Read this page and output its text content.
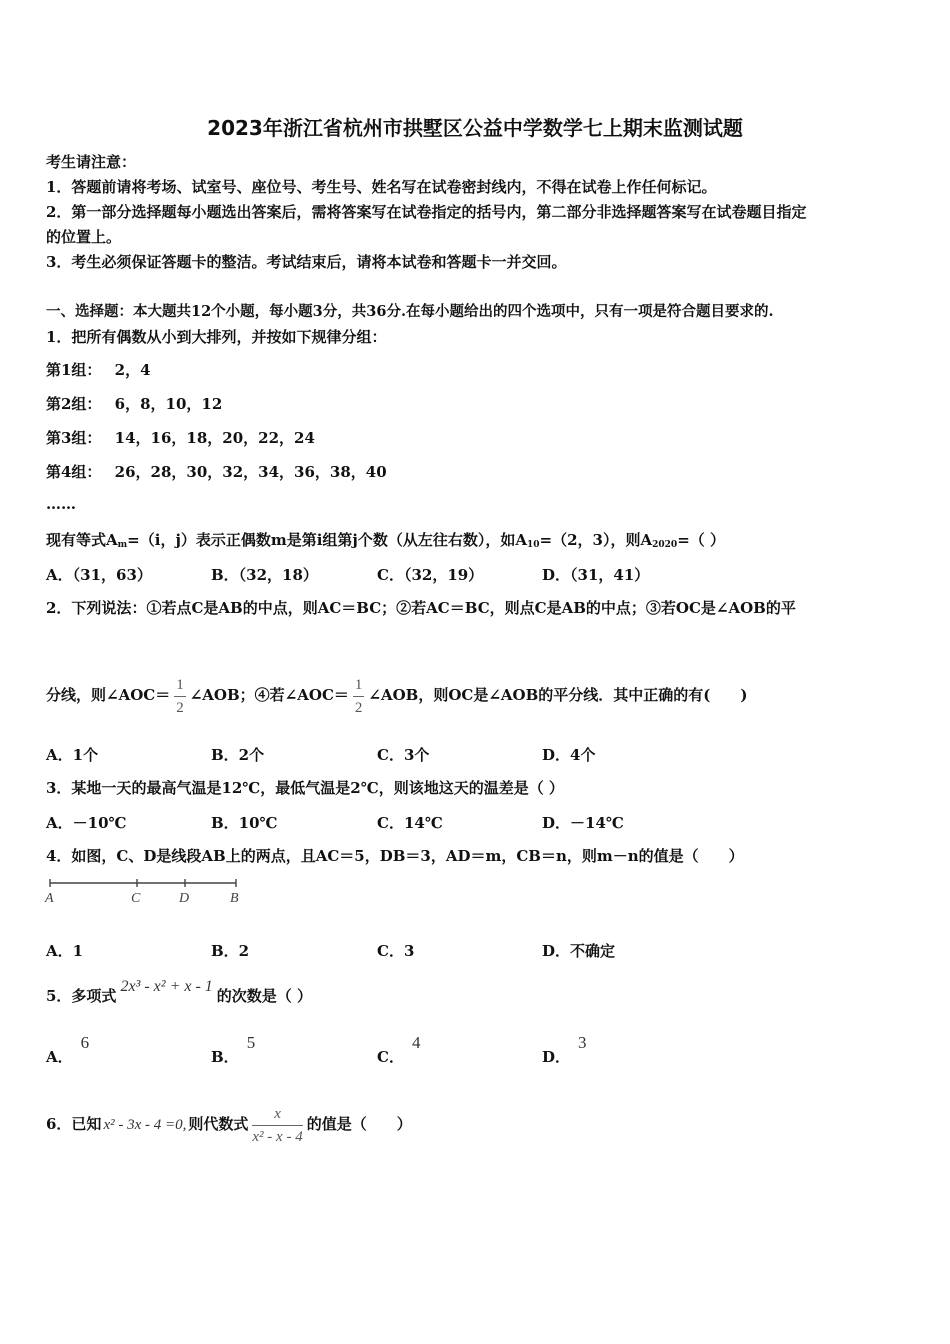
2023年浙江省杭州市拱墅区公益中学数学七上期末监测试题
考生请注意：
1．答题前请将考场、试室号、座位号、考生号、姓名写在试卷密封线内，不得在试卷上作任何标记。
2．第一部分选择题每小题选出答案后，需将答案写在试卷指定的括号内，第二部分非选择题答案写在试卷题目指定
的位置上。
3．考生必须保证答题卡的整洁。考试结束后，请将本试卷和答题卡一并交回。
一、选择题：本大题共12个小题，每小题3分，共36分.在每小题给出的四个选项中，只有一项是符合题目要求的.
1．把所有偶数从小到大排列，并按如下规律分组：
第1组： 2，4
第2组： 6，8，10，12
第3组： 14，16，18，20，22，24
第4组： 26，28，30，32，34，36，38，40
……
现有等式$A_m=(i$，j）表示正偶数m是第i组第j个数（从左往右数），如$A_{10}=(2$，3），则$A_{2020}=$（ ）
A．（31，63）	B．（32，18）	C．（32，19）	D．（31，41）
2．下列说法：①若点C是AB的中点，则AC＝BC；②若AC＝BC，则点C是AB的中点；③若OC是∠AOB的平
分线，则∠AOC＝ $\frac{1}{2}$ ∠AOB；④若∠AOC＝ $\frac{1}{2}$ ∠AOB，则OC是∠AOB的平分线．其中正确的有(　　)
A．1个	B．2个	C．3个	D．4个
3．某地一天的最高气温是12℃，最低气温是2℃，则该地这天的温差是（ ）
A．－10℃	B．10℃	C．14℃	D．－14℃
4．如图，C、D是线段AB上的两点，且AC＝5，DB＝3，AD＝m，CB＝n，则m－n的值是（　　）
A	C	D	B
A．1	B．2	C．3	D．不确定
5．多项式2x³ - x² + x - 1的次数是（ ）
A．6
B．5
C．4
D．3
6．已知 x² - 3x - 4 =0, 则代数式 $\frac{x}{\text{x² - x - 4}}$ 的值是（　　）
